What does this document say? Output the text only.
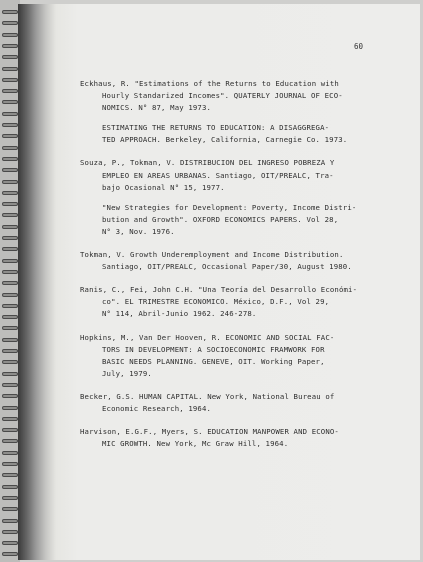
60
Eckhaus, R. "Estimations of the Returns to Education with
Hourly Standarized Incomes". QUATERLY JOURNAL OF ECO-
NOMICS. N° 87, May 1973.
ESTIMATING THE RETURNS TO EDUCATION: A DISAGGREGA-
TED APPROACH. Berkeley, California, Carnegie Co. 1973.
Souza, P., Tokman, V. DISTRIBUCION DEL INGRESO POBREZA Y
EMPLEO EN AREAS URBANAS. Santiago, OIT/PREALC, Tra-
bajo Ocasional N° 15, 1977.
"New Strategies for Development: Poverty, Income Distri-
bution and Growth". OXFORD ECONOMICS PAPERS. Vol 28,
N° 3, Nov. 1976.
Tokman, V. Growth Underemployment and Income Distribution.
Santiago, OIT/PREALC, Occasional Paper/30, August 1980.
Ranis, C., Fei, John C.H. "Una Teoría del Desarrollo Económi-
co". EL TRIMESTRE ECONOMICO. México, D.F., Vol 29,
N° 114, Abril-Junio 1962. 246-278.
Hopkins, M., Van Der Hooven, R. ECONOMIC AND SOCIAL FAC-
TORS IN DEVELOPMENT: A SOCIOECONOMIC FRAMWORK FOR
BASIC NEEDS PLANNING. GENEVE, OIT. Working Paper,
July, 1979.
Becker, G.S. HUMAN CAPITAL. New York, National Bureau of
Economic Research, 1964.
Harvison, E.G.F., Myers, S. EDUCATION MANPOWER AND ECONO-
MIC GROWTH. New York, Mc Graw Hill, 1964.
